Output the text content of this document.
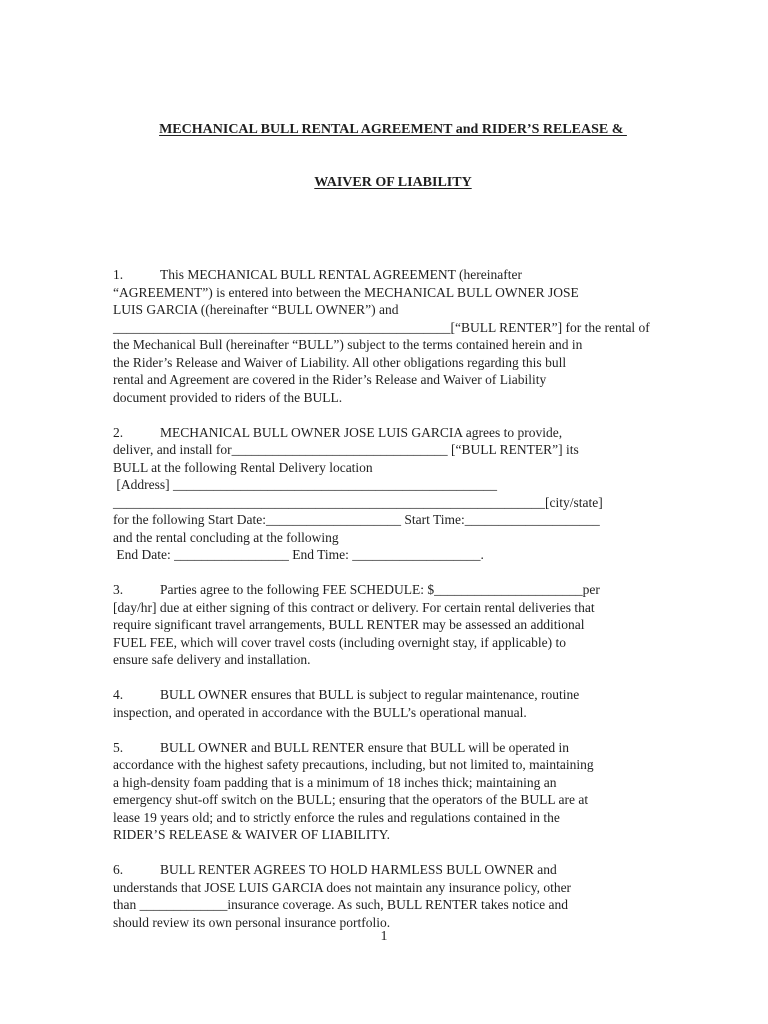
MECHANICAL BULL RENTAL AGREEMENT and RIDER’S RELEASE &

WAIVER OF LIABILITY

1.	This MECHANICAL BULL RENTAL AGREEMENT (hereinafter
“AGREEMENT”) is entered into between the MECHANICAL BULL OWNER JOSE
LUIS GARCIA ((hereinafter “BULL OWNER”) and
__________________________________________________[“BULL RENTER”] for the rental of
the Mechanical Bull (hereinafter “BULL”) subject to the terms contained herein and in
the Rider’s Release and Waiver of Liability. All other obligations regarding this bull
rental and Agreement are covered in the Rider’s Release and Waiver of Liability
document provided to riders of the BULL.
2.	MECHANICAL BULL OWNER JOSE LUIS GARCIA agrees to provide,
deliver, and install for________________________________ [“BULL RENTER”] its
BULL at the following Rental Delivery location
[Address] ________________________________________________
________________________________________________________________[city/state]
for the following Start Date:____________________ Start Time:____________________
and the rental concluding at the following
End Date: _________________ End Time: ___________________.
3.	Parties agree to the following FEE SCHEDULE: $______________________per
[day/hr] due at either signing of this contract or delivery. For certain rental deliveries that
require significant travel arrangements, BULL RENTER may be assessed an additional
FUEL FEE, which will cover travel costs (including overnight stay, if applicable) to
ensure safe delivery and installation.
4.	BULL OWNER ensures that BULL is subject to regular maintenance, routine
inspection, and operated in accordance with the BULL’s operational manual.
5.	BULL OWNER and BULL RENTER ensure that BULL will be operated in
accordance with the highest safety precautions, including, but not limited to, maintaining
a high-density foam padding that is a minimum of 18 inches thick; maintaining an
emergency shut-off switch on the BULL; ensuring that the operators of the BULL are at
lease 19 years old; and to strictly enforce the rules and regulations contained in the
RIDER’S RELEASE & WAIVER OF LIABILITY.
6.	BULL RENTER AGREES TO HOLD HARMLESS BULL OWNER and
understands that JOSE LUIS GARCIA does not maintain any insurance policy, other
than _____________insurance coverage. As such, BULL RENTER takes notice and
should review its own personal insurance portfolio.
1
